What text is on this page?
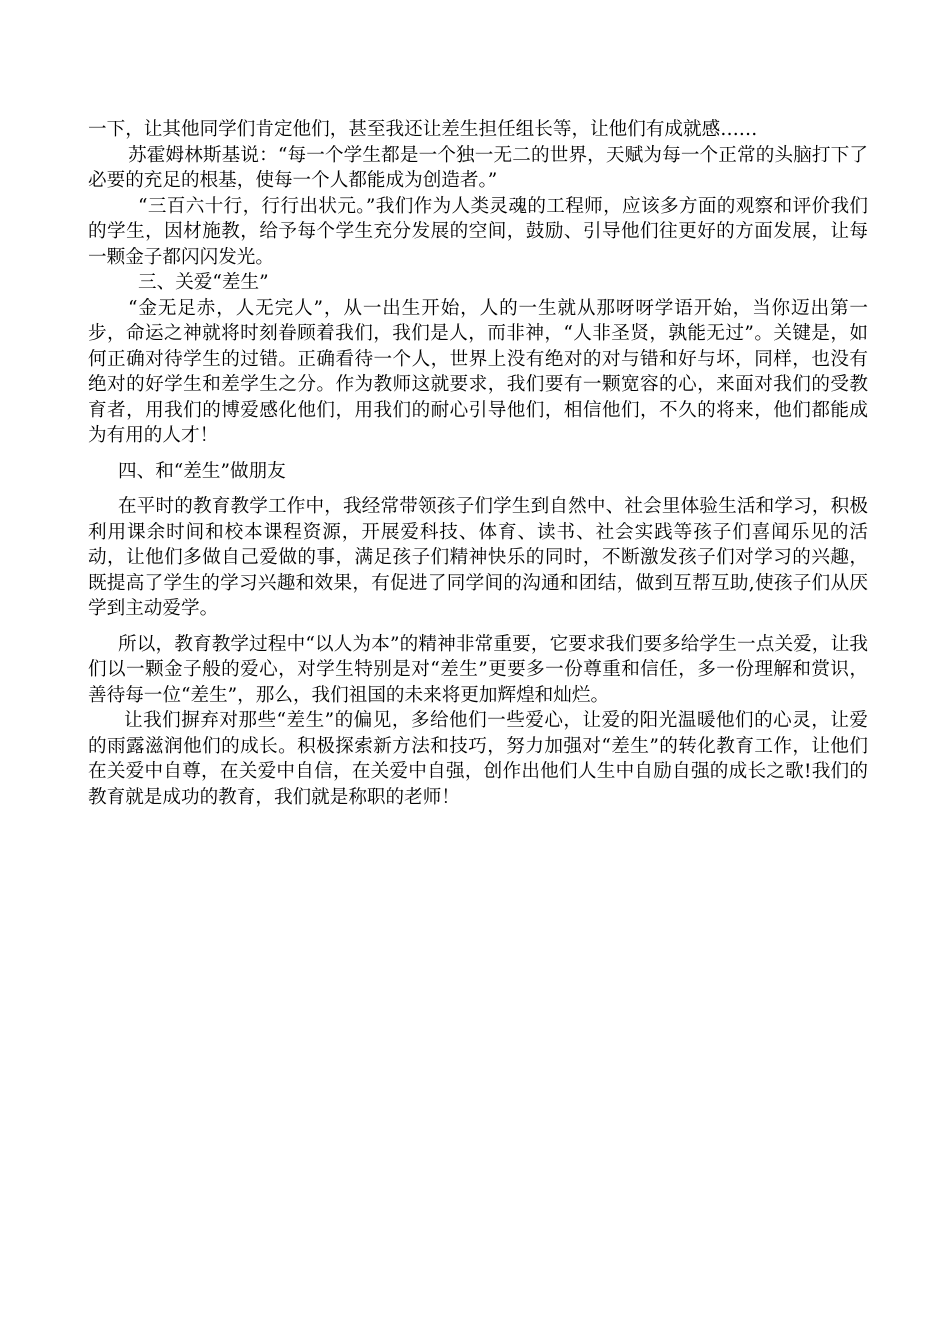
一下，让其他同学们肯定他们，甚至我还让差生担任组长等，让他们有成就感……

苏霍姆林斯基说：“每一个学生都是一个独一无二的世界，天赋为每一个正常的头脑打下了必要的充足的根基，使每一个人都能成为创造者。”

“三百六十行，行行出状元。”我们作为人类灵魂的工程师，应该多方面的观察和评价我们的学生，因材施教，给予每个学生充分发展的空间，鼓励、引导他们往更好的方面发展，让每一颗金子都闪闪发光。

三、关爱“差生”

“金无足赤，人无完人”，从一出生开始，人的一生就从那呀呀学语开始，当你迈出第一步，命运之神就将时刻眷顾着我们，我们是人，而非神，“人非圣贤，孰能无过”。关键是，如何正确对待学生的过错。正确看待一个人，世界上没有绝对的对与错和好与坏，同样，也没有绝对的好学生和差学生之分。作为教师这就要求，我们要有一颗宽容的心，来面对我们的受教育者，用我们的博爱感化他们，用我们的耐心引导他们，相信他们，不久的将来，他们都能成为有用的人才！

四、和“差生”做朋友

在平时的教育教学工作中，我经常带领孩子们学生到自然中、社会里体验生活和学习，积极利用课余时间和校本课程资源，开展爱科技、体育、读书、社会实践等孩子们喜闻乐见的活动，让他们多做自己爱做的事，满足孩子们精神快乐的同时，不断激发孩子们对学习的兴趣，既提高了学生的学习兴趣和效果，有促进了同学间的沟通和团结，做到互帮互助,使孩子们从厌学到主动爱学。

所以，教育教学过程中“以人为本”的精神非常重要，它要求我们要多给学生一点关爱，让我们以一颗金子般的爱心，对学生特别是对“差生”更要多一份尊重和信任，多一份理解和赏识，善待每一位“差生”，那么，我们祖国的未来将更加辉煌和灿烂。

让我们摒弃对那些“差生”的偏见，多给他们一些爱心，让爱的阳光温暖他们的心灵，让爱的雨露滋润他们的成长。积极探索新方法和技巧，努力加强对“差生”的转化教育工作，让他们在关爱中自尊，在关爱中自信，在关爱中自强，创作出他们人生中自励自强的成长之歌!我们的教育就是成功的教育，我们就是称职的老师！
